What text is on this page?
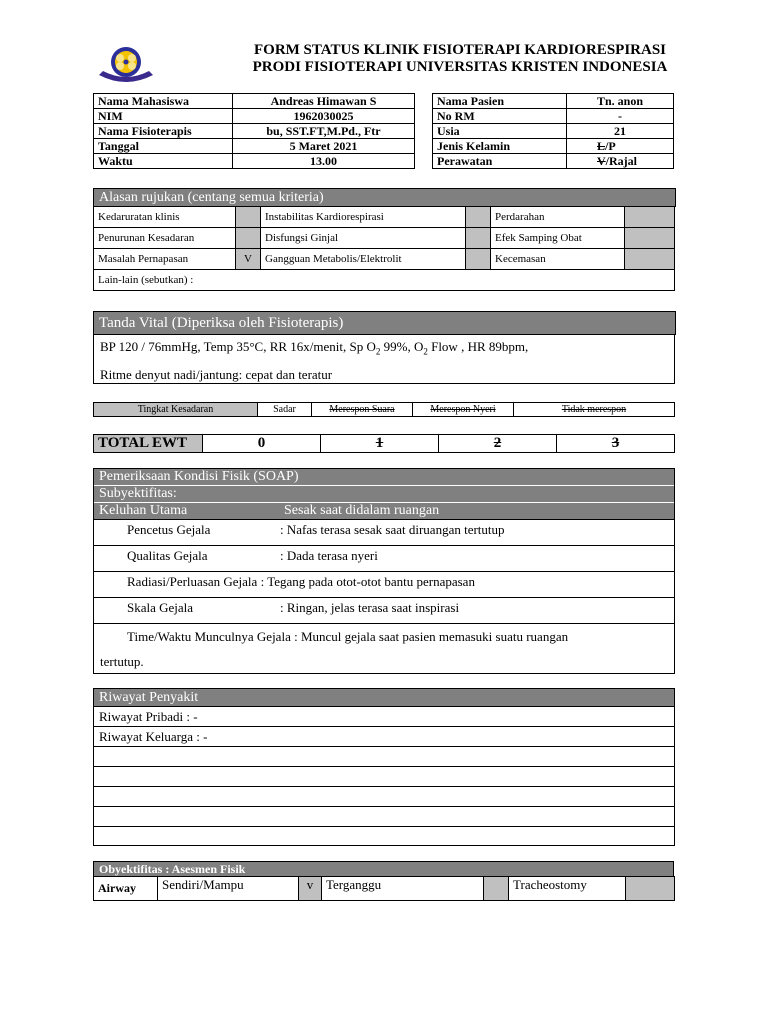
FORM STATUS KLINIK FISIOTERAPI KARDIORESPIRASI
PRODI FISIOTERAPI UNIVERSITAS KRISTEN INDONESIA
Nama Mahasiswa	Andreas Himawan S
NIM	1962030025
Nama Fisioterapis	bu, SST.FT,M.Pd., Ftr
Tanggal	5 Maret 2021
Waktu	13.00
Nama Pasien	Tn. anon
No RM	-
Usia	21
Jenis Kelamin	L/P
Perawatan	V/Rajal
Alasan rujukan (centang semua kriteria)
Kedaruratan klinis		Instabilitas Kardiorespirasi		Perdarahan	
Penurunan Kesadaran		Disfungsi Ginjal		Efek Samping Obat	
Masalah Pernapasan	V	Gangguan Metabolis/Elektrolit		Kecemasan	
Lain-lain (sebutkan) :					
Tanda Vital (Diperiksa oleh Fisioterapis)
BP 120 / 76mmHg, Temp 35°C, RR 16x/menit, Sp $O_2$ 99%, $O_2$ Flow , HR 89bpm,
Ritme denyut nadi/jantung: cepat dan teratur
Tingkat Kesadaran	Sadar	Merespon Suara	Merespon Nyeri	Tidak merespon
TOTAL EWT	0	1	2	3
Pemeriksaan Kondisi Fisik (SOAP)
Subyektifitas:
Keluhan Utama	Sesak saat didalam ruangan
Pencetus Gejala	: Nafas terasa sesak saat diruangan tertutup
Qualitas Gejala	: Dada terasa nyeri
Radiasi/Perluasan Gejala : Tegang pada otot-otot bantu pernapasan
Skala Gejala	: Ringan, jelas terasa saat inspirasi
Time/Waktu Munculnya Gejala : Muncul gejala saat pasien memasuki suatu ruangan
tertutup.
Riwayat Penyakit
Riwayat Pribadi : -
Riwayat Keluarga : -
Obyektifitas : Asesmen Fisik
Airway	Sendiri/Mampu	v	Terganggu		Tracheostomy	
